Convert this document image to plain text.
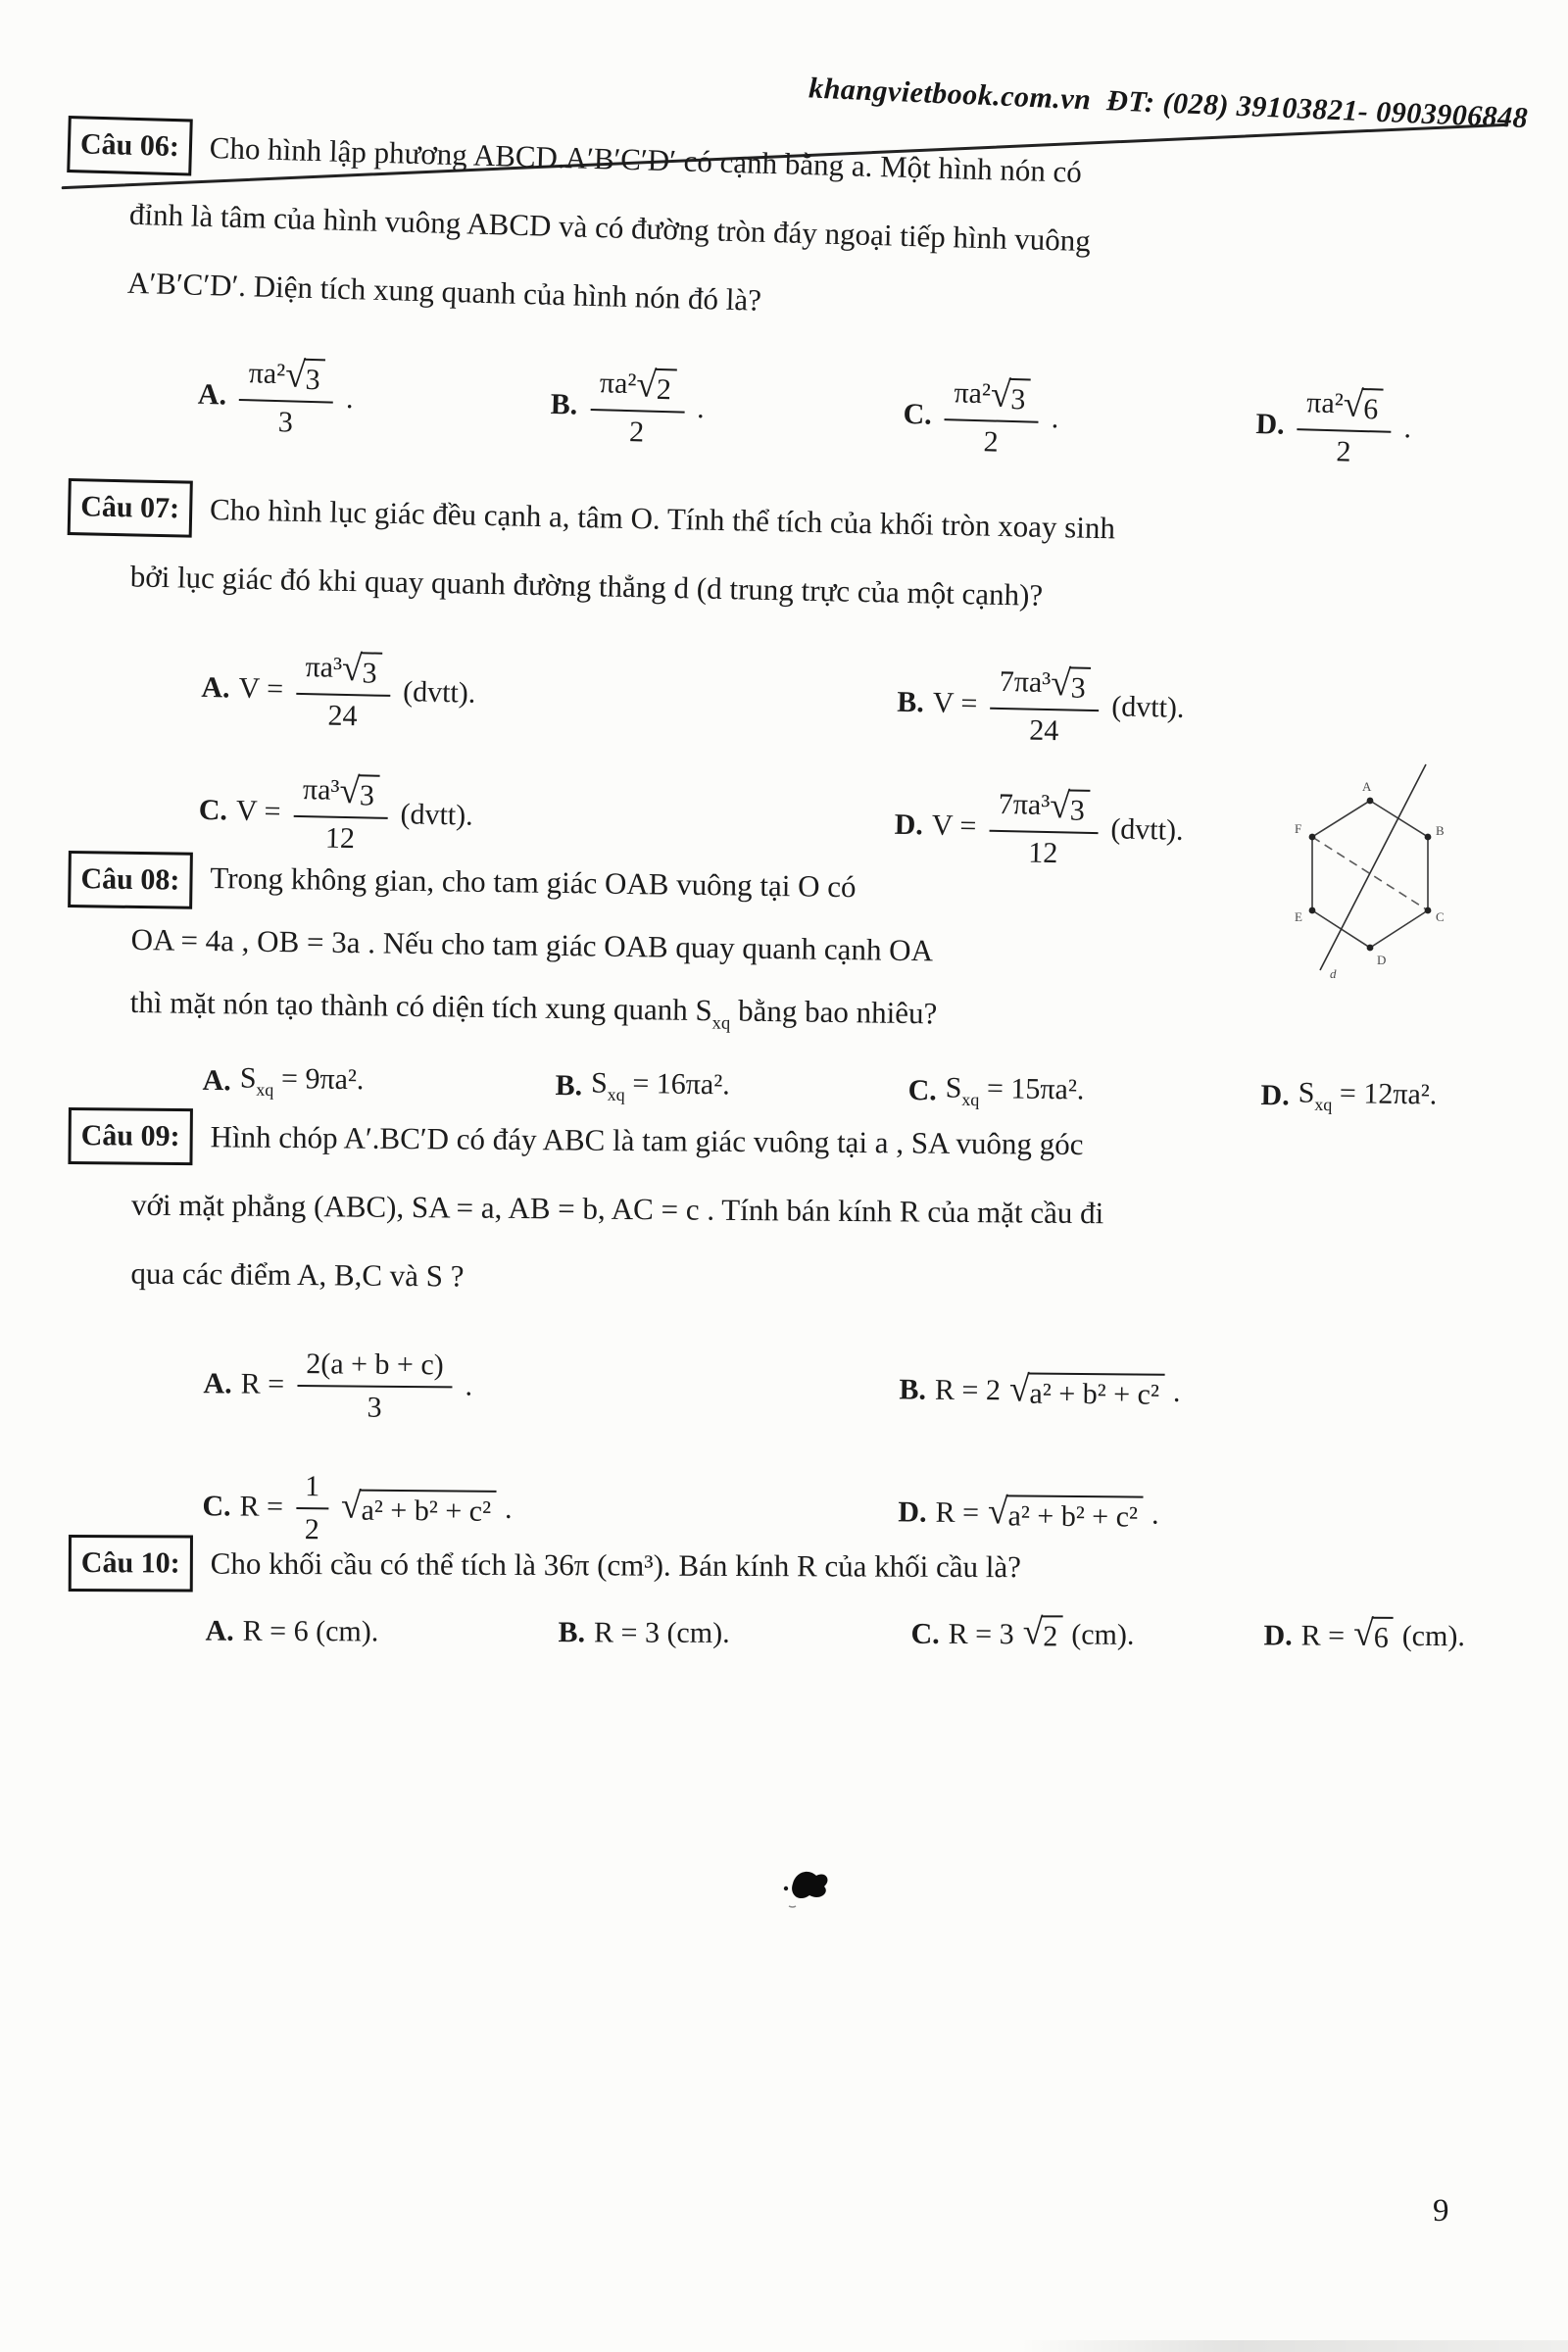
khangvietbook.com.vn ĐT: (028) 39103821- 0903906848
Câu 06: Cho hình lập phương ABCD.A′B′C′D′ có cạnh bằng a. Một hình nón có
đỉnh là tâm của hình vuông ABCD và có đường tròn đáy ngoại tiếp hình vuông
A′B′C′D′. Diện tích xung quanh của hình nón đó là?
A. πa²
√
3
3 .	B. πa²
√
2
2 .	C. πa²
√
3
2 .	D. πa²
√
6
2 .
Câu 07: Cho hình lục giác đều cạnh a, tâm O. Tính thể tích của khối tròn xoay sinh
bởi lục giác đó khi quay quanh đường thẳng d (d trung trực của một cạnh)?
A. $V = \frac{\text{πa³ √ 3}}{24}$ (dvtt).	B. $V = \frac{\text{7πa³ √ 3}}{24}$ (dvtt).
C. $V = \frac{\text{πa³ √ 3}}{12}$ (dvtt).	D. $V = \frac{\text{7πa³ √ 3}}{12}$ (dvtt).
A
B
C
D
E
F
d
Câu 08: Trong không gian, cho tam giác OAB vuông tại O có
OA = 4a , OB = 3a . Nếu cho tam giác OAB quay quanh cạnh OA
thì mặt nón tạo thành có diện tích xung quanh $S_{xq}$ bằng bao nhiêu?
A. $S_{xq} = 9\pi a^2$.	B. $S_{xq} = 16\pi a^2$.	C. $S_{xq} = 15\pi a^2$.	D. $S_{xq} = 12\pi a^2$.
Câu 09: Hình chóp A′.BC′D có đáy ABC là tam giác vuông tại a , SA vuông góc
với mặt phẳng (ABC), SA = a, AB = b, AC = c . Tính bán kính R của mặt cầu đi
qua các điểm A, B,C và S ?
A. $R = \frac{2(a + b + c)}{3}$ .	B. R = 2 √ a² + b² + c² .
C. $R = \frac{1}{2}$ √ a² + b² + c² .	D. R = √ a² + b² + c² .
Câu 10: Cho khối cầu có thể tích là 36π (cm³). Bán kính R của khối cầu là?
A. R = 6 (cm).	B. R = 3 (cm).	C. R = 3 √ 2 (cm).	D. R = √ 6 (cm).
9
